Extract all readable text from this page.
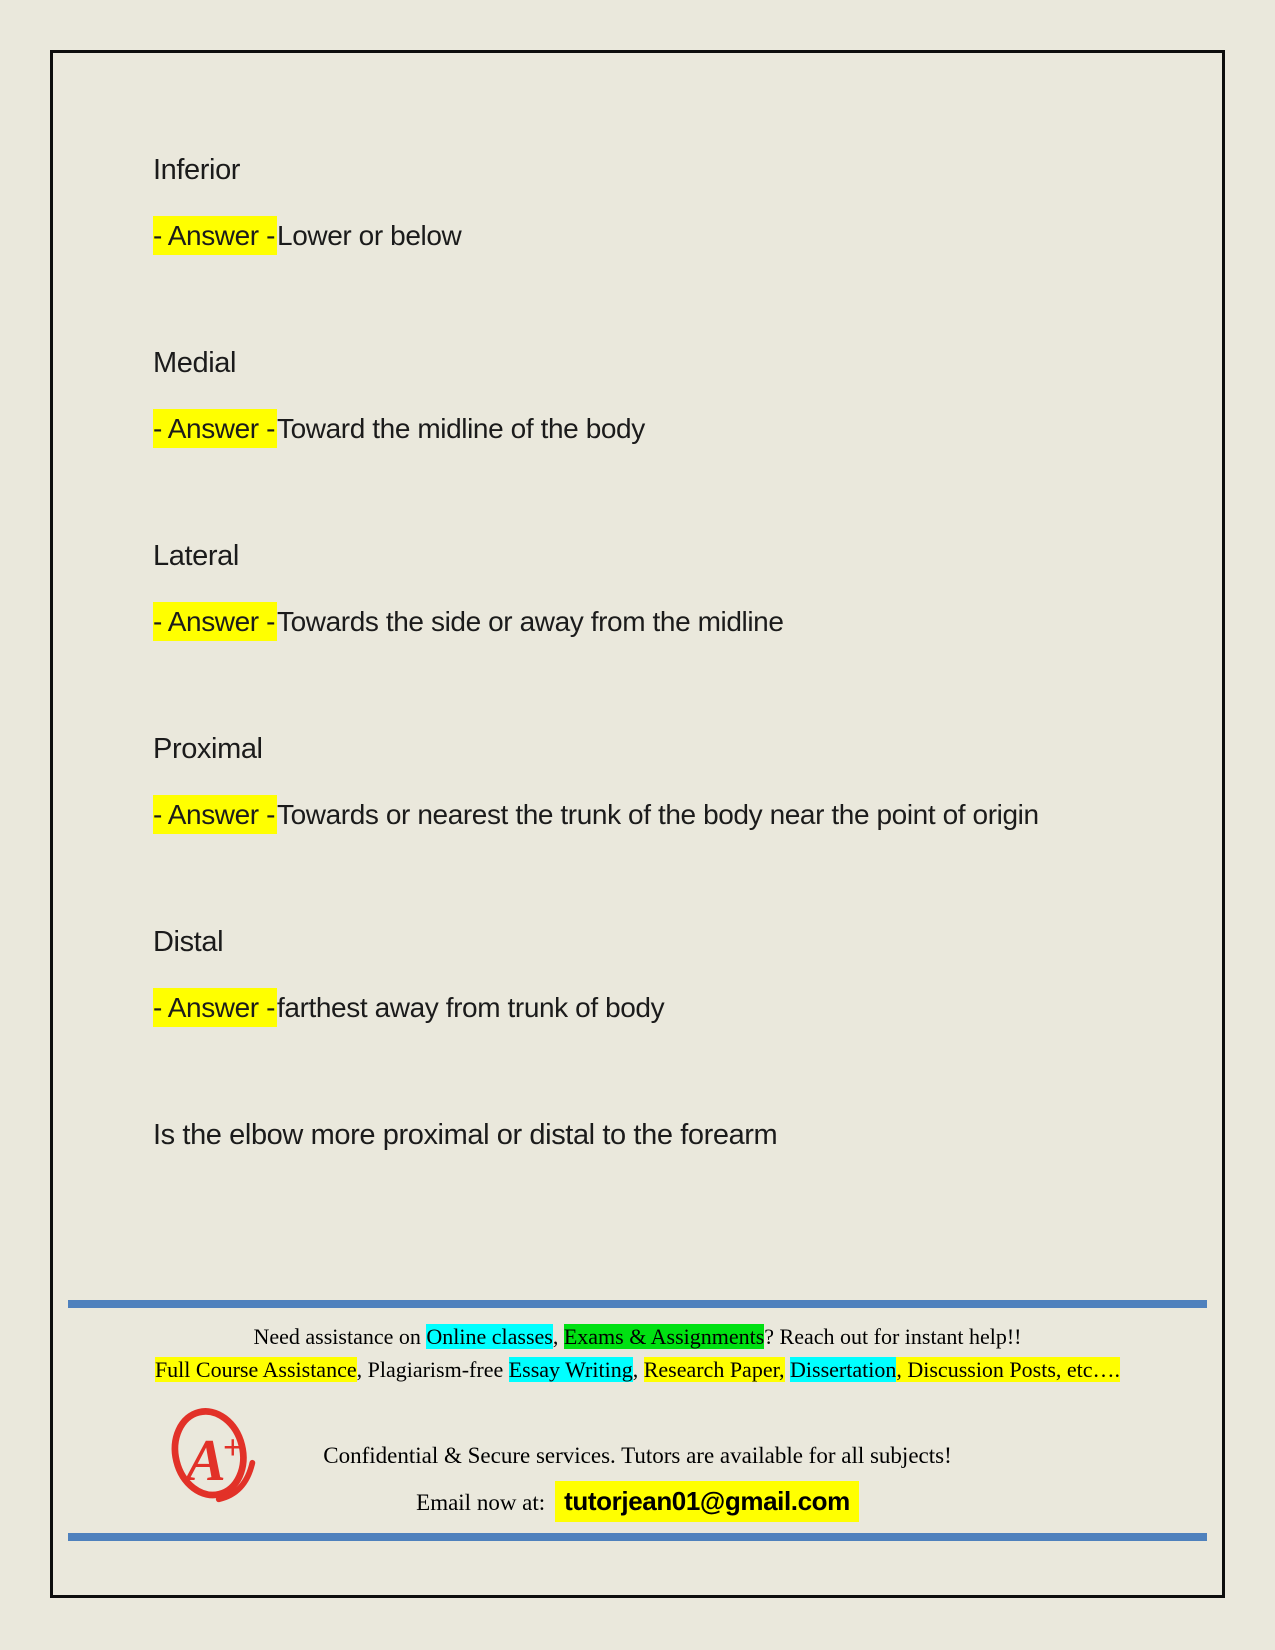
Inferior
- Answer -Lower or below
Medial
- Answer -Toward the midline of the body
Lateral
- Answer -Towards the side or away from the midline
Proximal
- Answer -Towards or nearest the trunk of the body near the point of origin
Distal
- Answer -farthest away from trunk of body
Is the elbow more proximal or distal to the forearm
Need assistance on Online classes, Exams & Assignments? Reach out for instant help!!
Full Course Assistance, Plagiarism-free Essay Writing, Research Paper, Dissertation, Discussion Posts, etc….
Confidential & Secure services. Tutors are available for all subjects!
Email now at: tutorjean01@gmail.com
A+
